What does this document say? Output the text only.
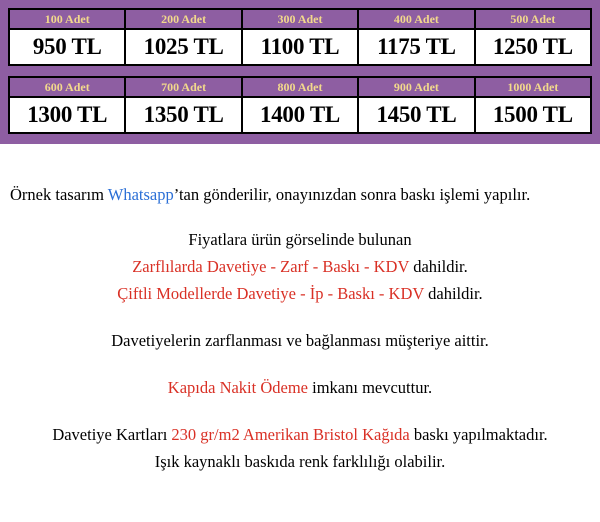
100 Adet
950 TL
200 Adet
1025 TL
300 Adet
1100 TL
400 Adet
1175 TL
500 Adet
1250 TL
600 Adet
1300 TL
700 Adet
1350 TL
800 Adet
1400 TL
900 Adet
1450 TL
1000 Adet
1500 TL
Örnek tasarım Whatsapp’tan gönderilir, onayınızdan sonra baskı işlemi yapılır.
Fiyatlara ürün görselinde bulunan
Zarflılarda Davetiye - Zarf - Baskı - KDV dahildir.
Çiftli Modellerde Davetiye - İp - Baskı - KDV dahildir.
Davetiyelerin zarflanması ve bağlanması müşteriye aittir.
Kapıda Nakit Ödeme imkanı mevcuttur.
Davetiye Kartları 230 gr/m2 Amerikan Bristol Kağıda baskı yapılmaktadır.
Işık kaynaklı baskıda renk farklılığı olabilir.
